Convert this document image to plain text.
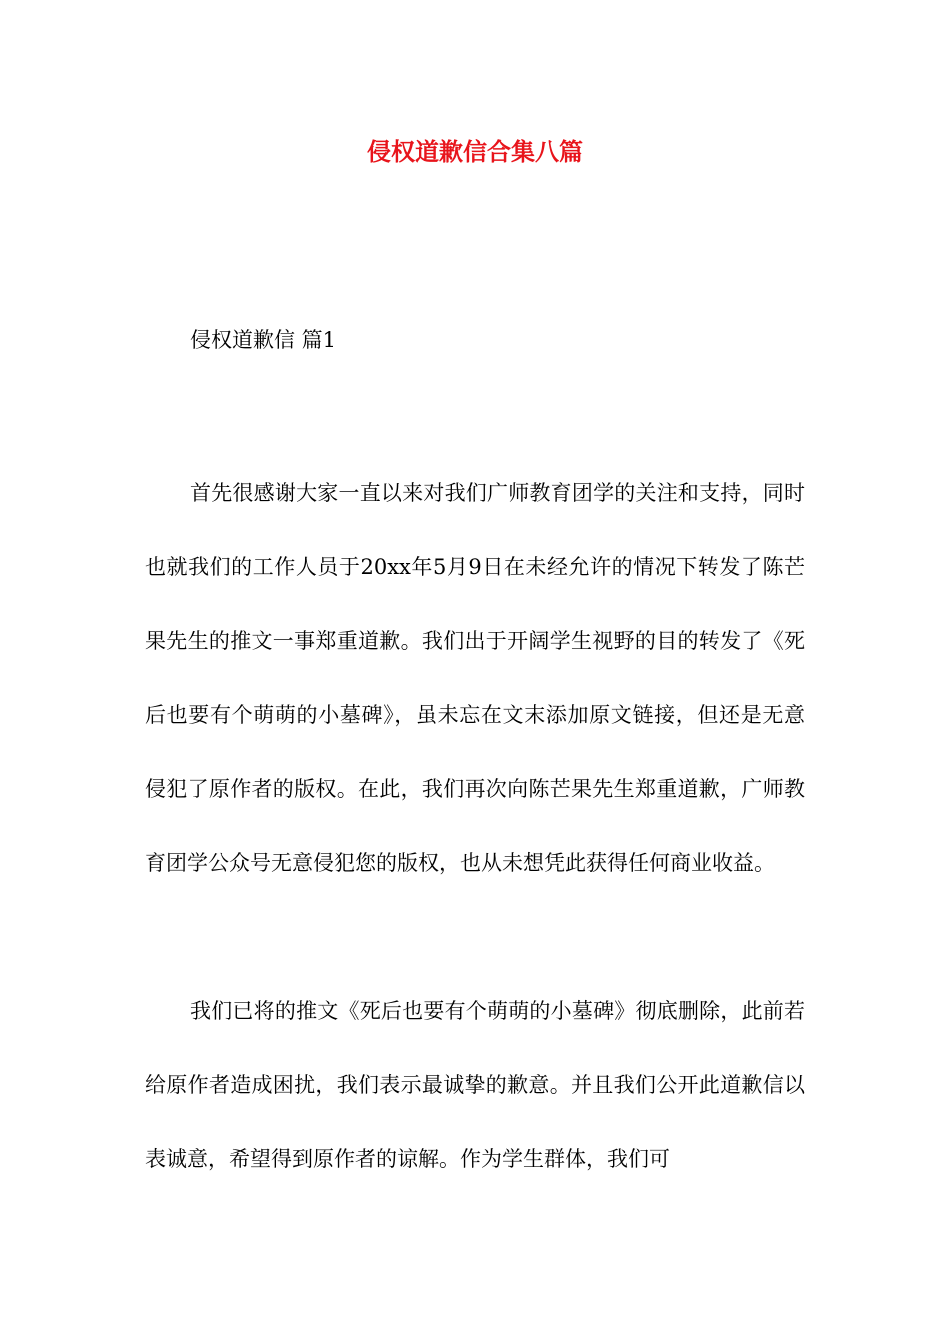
侵权道歉信合集八篇

侵权道歉信 篇1

首先很感谢大家一直以来对我们广师教育团学的关注和支持，同时也就我们的工作人员于20xx年5月9日在未经允许的情况下转发了陈芒果先生的推文一事郑重道歉。我们出于开阔学生视野的目的转发了《死后也要有个萌萌的小墓碑》，虽未忘在文末添加原文链接，但还是无意侵犯了原作者的版权。在此，我们再次向陈芒果先生郑重道歉，广师教育团学公众号无意侵犯您的版权，也从未想凭此获得任何商业收益。

我们已将的推文《死后也要有个萌萌的小墓碑》彻底删除，此前若给原作者造成困扰，我们表示最诚挚的歉意。并且我们公开此道歉信以表诚意，希望得到原作者的谅解。作为学生群体，我们可
